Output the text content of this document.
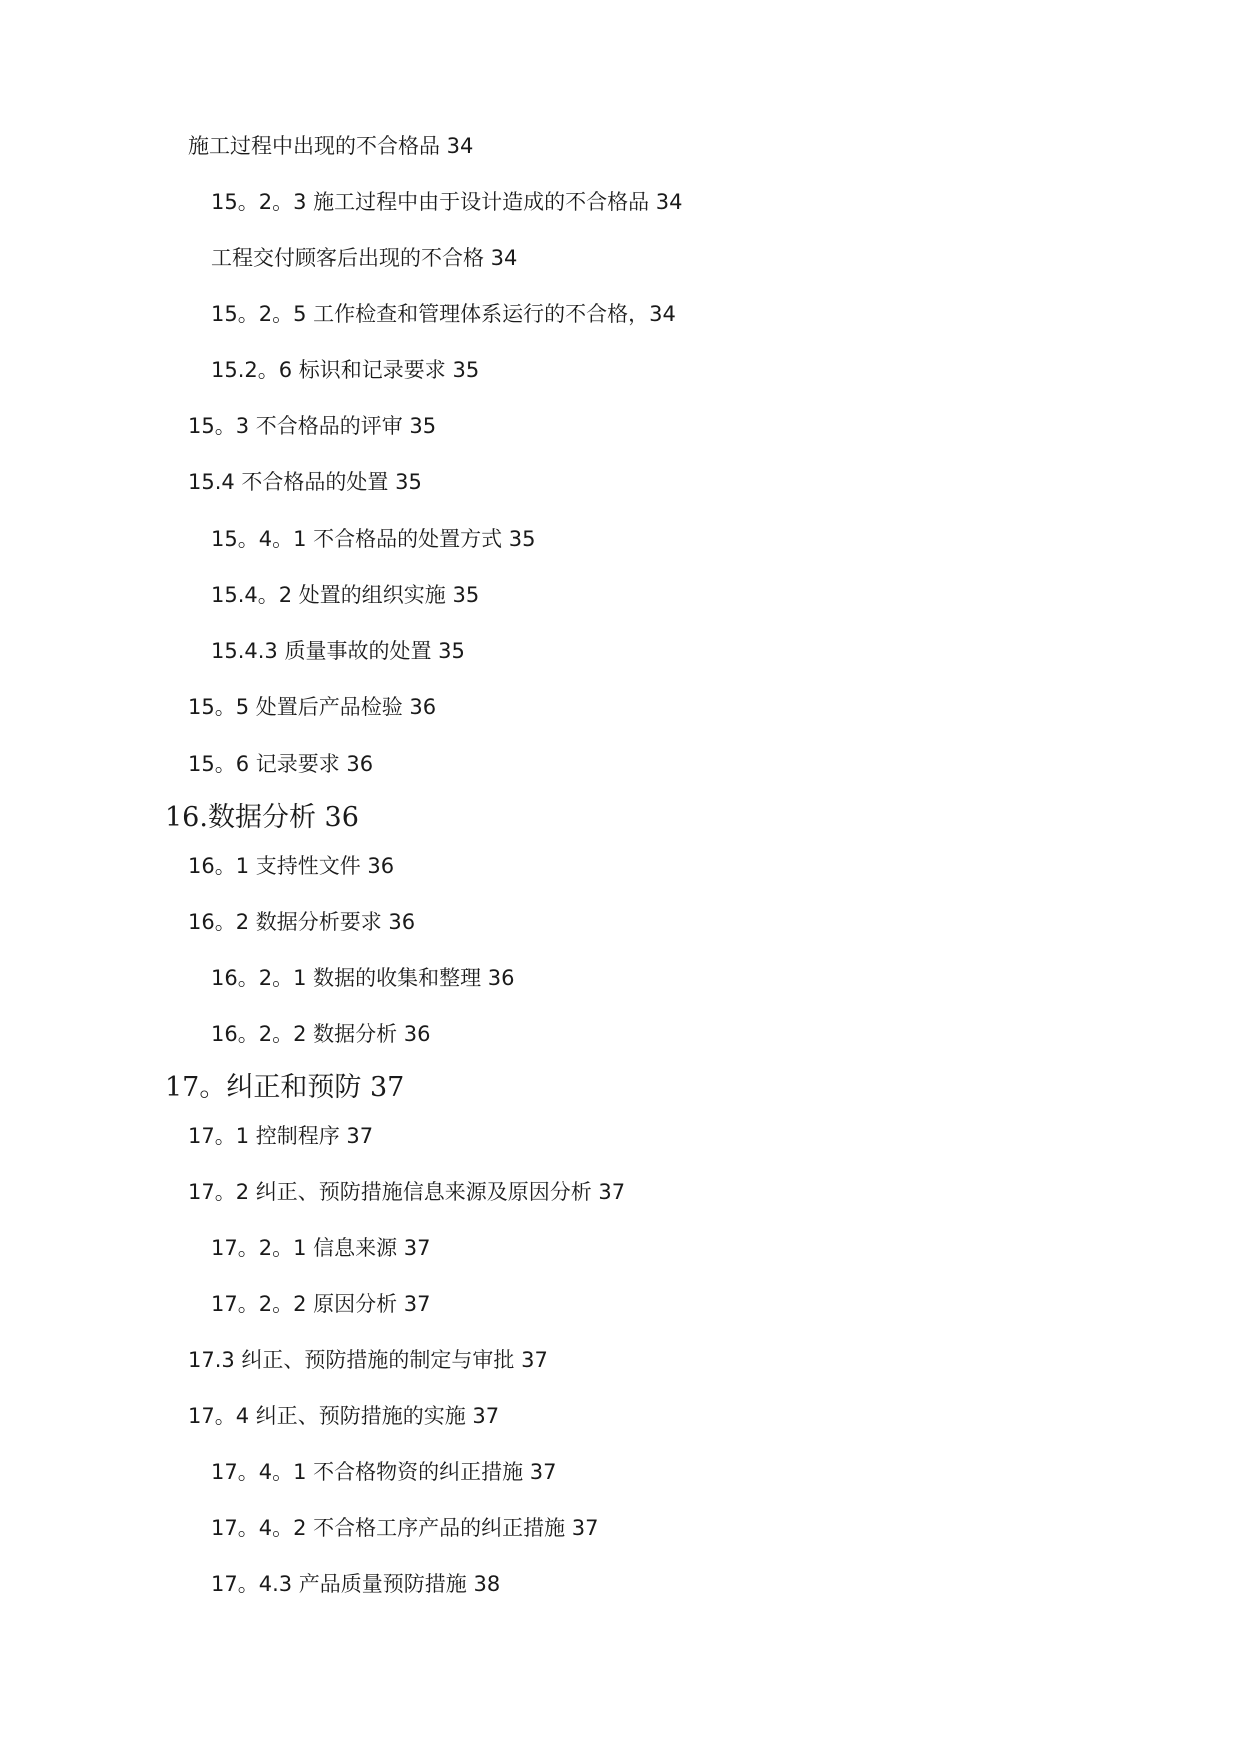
施工过程中出现的不合格品 34
15。2。3 施工过程中由于设计造成的不合格品 34
工程交付顾客后出现的不合格 34
15。2。5 工作检查和管理体系运行的不合格，34
15.2。6 标识和记录要求 35
15。3 不合格品的评审 35
15.4 不合格品的处置 35
15。4。1 不合格品的处置方式 35
15.4。2 处置的组织实施 35
15.4.3 质量事故的处置 35
15。5 处置后产品检验 36
15。6 记录要求 36
16.数据分析 36
16。1 支持性文件 36
16。2 数据分析要求 36
16。2。1 数据的收集和整理 36
16。2。2 数据分析 36
17。纠正和预防 37
17。1 控制程序 37
17。2 纠正、预防措施信息来源及原因分析 37
17。2。1 信息来源 37
17。2。2 原因分析 37
17.3 纠正、预防措施的制定与审批 37
17。4 纠正、预防措施的实施 37
17。4。1 不合格物资的纠正措施 37
17。4。2 不合格工序产品的纠正措施 37
17。4.3 产品质量预防措施 38
